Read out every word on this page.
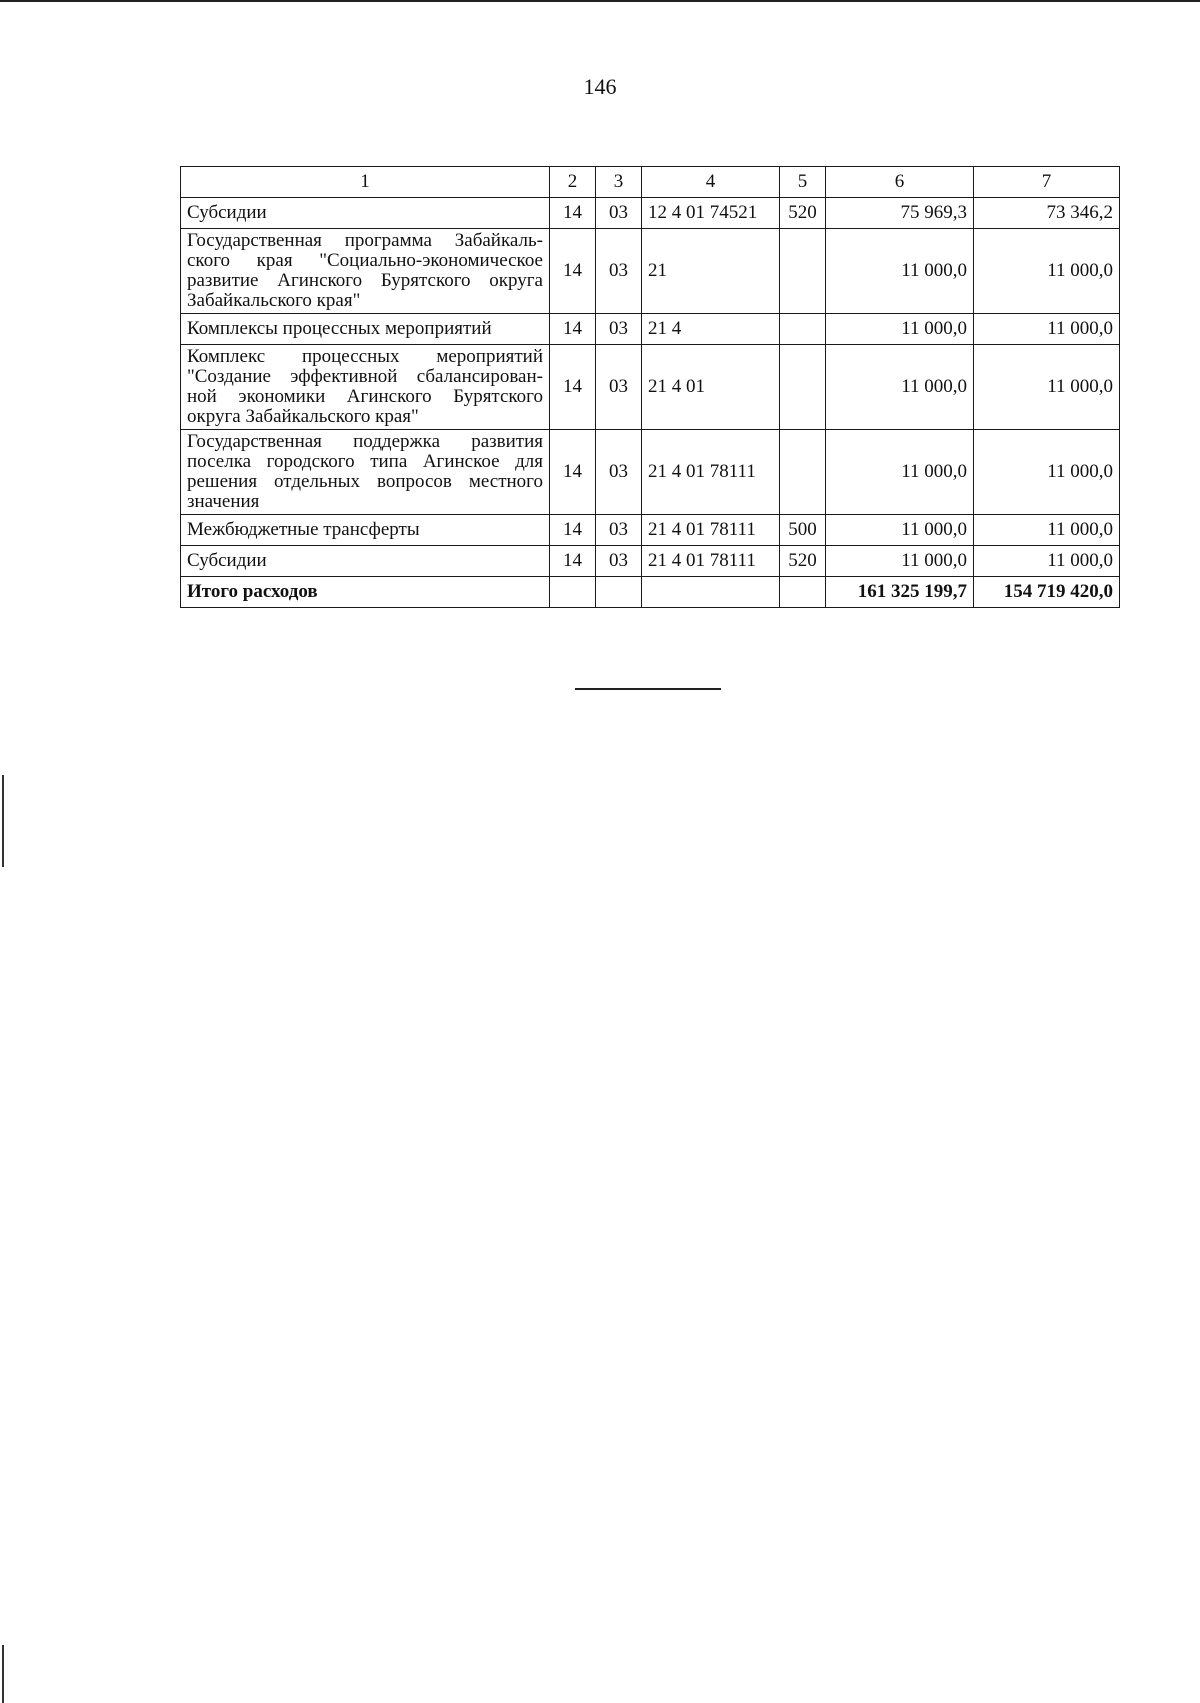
146
1	2	3	4	5	6	7
Субсидии	14	03	12 4 01 74521	520	75 969,3	73 346,2
Государственная программа Забайкаль-ского края "Социально-экономическое развитие Агинского Бурятского округа Забайкальского края"	14	03	21		11 000,0	11 000,0
Комплексы процессных мероприятий	14	03	21 4		11 000,0	11 000,0
Комплекс процессных мероприятий "Создание эффективной сбалансирован-ной экономики Агинского Бурятского округа Забайкальского края"	14	03	21 4 01		11 000,0	11 000,0
Государственная поддержка развития поселка городского типа Агинское для решения отдельных вопросов местного значения	14	03	21 4 01 78111		11 000,0	11 000,0
Межбюджетные трансферты	14	03	21 4 01 78111	500	11 000,0	11 000,0
Субсидии	14	03	21 4 01 78111	520	11 000,0	11 000,0
Итого расходов					161 325 199,7	154 719 420,0
